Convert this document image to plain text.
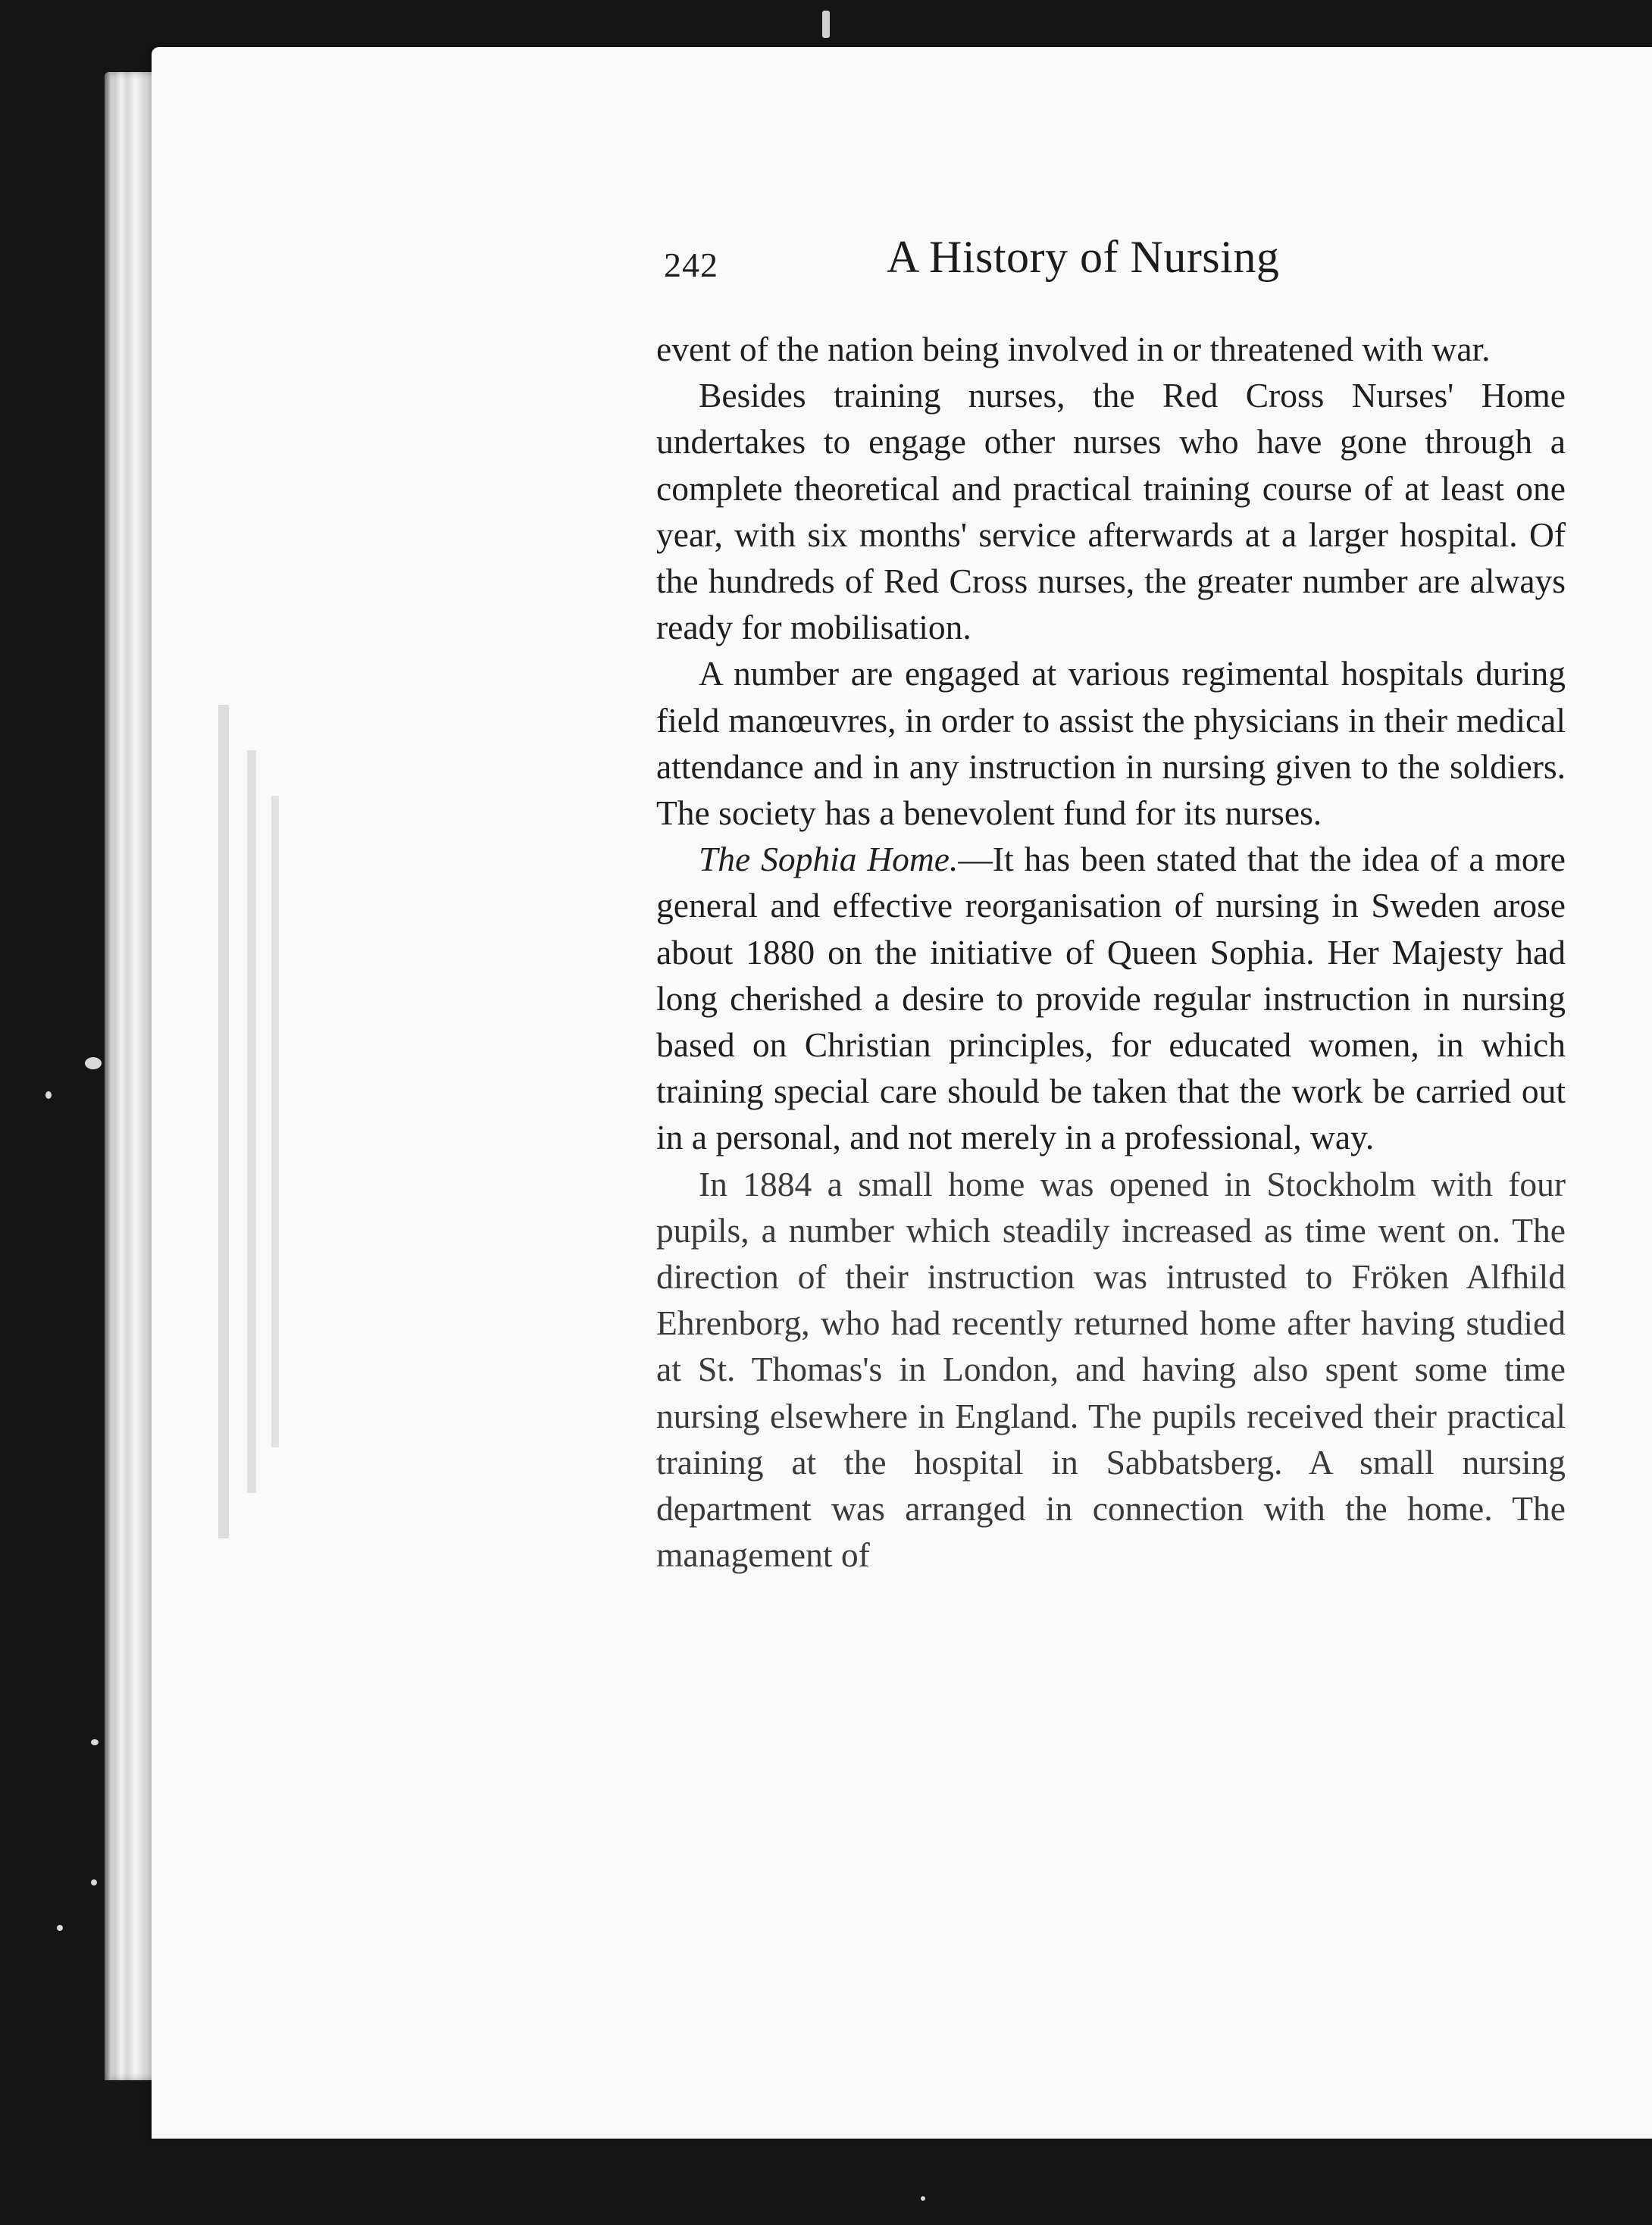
242	A History of Nursing

event of the nation being involved in or threatened with war.

Besides training nurses, the Red Cross Nurses' Home undertakes to engage other nurses who have gone through a complete theoretical and practical training course of at least one year, with six months' service afterwards at a larger hospital. Of the hundreds of Red Cross nurses, the greater number are always ready for mobilisation.

A number are engaged at various regimental hospitals during field manœuvres, in order to assist the physicians in their medical attendance and in any instruction in nursing given to the soldiers. The society has a benevolent fund for its nurses.

The Sophia Home.—It has been stated that the idea of a more general and effective reorganisation of nursing in Sweden arose about 1880 on the initiative of Queen Sophia. Her Majesty had long cherished a desire to provide regular instruction in nursing based on Christian principles, for educated women, in which training special care should be taken that the work be carried out in a personal, and not merely in a professional, way.

In 1884 a small home was opened in Stockholm with four pupils, a number which steadily increased as time went on. The direction of their instruction was intrusted to Fröken Alfhild Ehrenborg, who had recently returned home after having studied at St. Thomas's in London, and having also spent some time nursing elsewhere in England. The pupils received their practical training at the hospital in Sabbatsberg. A small nursing department was arranged in connection with the home. The management of
